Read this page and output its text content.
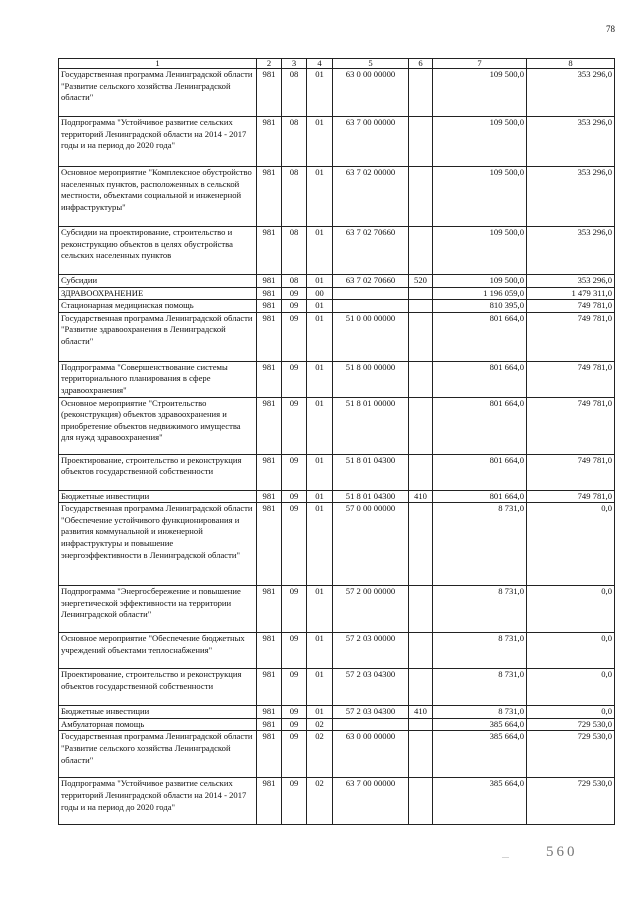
78
1	2	3	4	5	6	7	8
Государственная программа Ленинградской области "Развитие сельского хозяйства Ленинградской области"	981	08	01	63 0 00 00000		109 500,0	353 296,0
Подпрограмма "Устойчивое развитие сельских территорий Ленинградской области на 2014 - 2017 годы и на период до 2020 года"	981	08	01	63 7 00 00000		109 500,0	353 296,0
Основное мероприятие "Комплексное обустройство населенных пунктов, расположенных в сельской местности, объектами социальной и инженерной инфраструктуры"	981	08	01	63 7 02 00000		109 500,0	353 296,0
Субсидии на проектирование, строительство и реконструкцию объектов в целях обустройства сельских населенных пунктов	981	08	01	63 7 02 70660		109 500,0	353 296,0
Субсидии	981	08	01	63 7 02 70660	520	109 500,0	353 296,0
ЗДРАВООХРАНЕНИЕ	981	09	00			1 196 059,0	1 479 311,0
Стационарная медицинская помощь	981	09	01			810 395,0	749 781,0
Государственная программа Ленинградской области "Развитие здравоохранения в Ленинградской области"	981	09	01	51 0 00 00000		801 664,0	749 781,0
Подпрограмма "Совершенствование системы территориального планирования в сфере здравоохранения"	981	09	01	51 8 00 00000		801 664,0	749 781,0
Основное мероприятие "Строительство (реконструкция) объектов здравоохранения и приобретение объектов недвижимого имущества для нужд здравоохранения"	981	09	01	51 8 01 00000		801 664,0	749 781,0
Проектирование, строительство и реконструкция объектов государственной собственности	981	09	01	51 8 01 04300		801 664,0	749 781,0
Бюджетные инвестиции	981	09	01	51 8 01 04300	410	801 664,0	749 781,0
Государственная программа Ленинградской области "Обеспечение устойчивого функционирования и развития коммунальной и инженерной инфраструктуры и повышение энергоэффективности в Ленинградской области"	981	09	01	57 0 00 00000		8 731,0	0,0
Подпрограмма "Энергосбережение и повышение энергетической эффективности на территории Ленинградской области"	981	09	01	57 2 00 00000		8 731,0	0,0
Основное мероприятие "Обеспечение бюджетных учреждений объектами теплоснабжения"	981	09	01	57 2 03 00000		8 731,0	0,0
Проектирование, строительство и реконструкция объектов государственной собственности	981	09	01	57 2 03 04300		8 731,0	0,0
Бюджетные инвестиции	981	09	01	57 2 03 04300	410	8 731,0	0,0
Амбулаторная помощь	981	09	02			385 664,0	729 530,0
Государственная программа Ленинградской области "Развитие сельского хозяйства Ленинградской области"	981	09	02	63 0 00 00000		385 664,0	729 530,0
Подпрограмма "Устойчивое развитие сельских территорий Ленинградской области на 2014 - 2017 годы и на период до 2020 года"	981	09	02	63 7 00 00000		385 664,0	729 530,0
— 560
